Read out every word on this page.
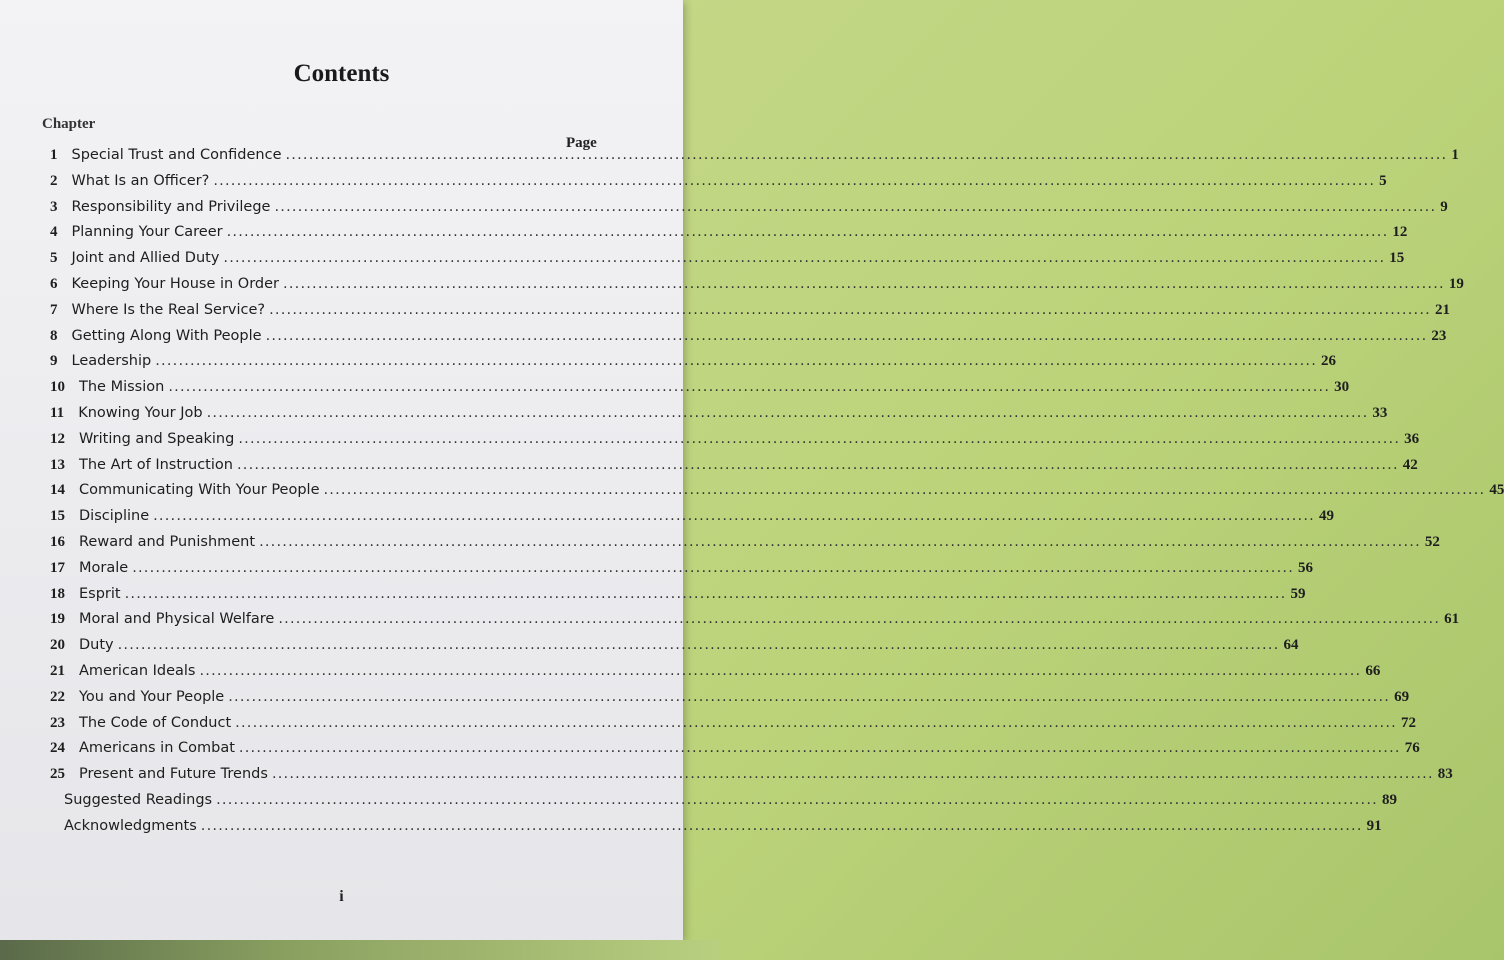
Contents
Chapter
Page
1 Special Trust and Confidence ........................................................................................................................................................................................................ 1
2 What Is an Officer? ........................................................................................................................................................................................................ 5
3 Responsibility and Privilege ........................................................................................................................................................................................................ 9
4 Planning Your Career ........................................................................................................................................................................................................ 12
5 Joint and Allied Duty ........................................................................................................................................................................................................ 15
6 Keeping Your House in Order ........................................................................................................................................................................................................ 19
7 Where Is the Real Service? ........................................................................................................................................................................................................ 21
8 Getting Along With People ........................................................................................................................................................................................................ 23
9 Leadership ........................................................................................................................................................................................................ 26
10 The Mission ........................................................................................................................................................................................................ 30
11 Knowing Your Job ........................................................................................................................................................................................................ 33
12 Writing and Speaking ........................................................................................................................................................................................................ 36
13 The Art of Instruction ........................................................................................................................................................................................................ 42
14 Communicating With Your People ........................................................................................................................................................................................................ 45
15 Discipline ........................................................................................................................................................................................................ 49
16 Reward and Punishment ........................................................................................................................................................................................................ 52
17 Morale ........................................................................................................................................................................................................ 56
18 Esprit ........................................................................................................................................................................................................ 59
19 Moral and Physical Welfare ........................................................................................................................................................................................................ 61
20 Duty ........................................................................................................................................................................................................ 64
21 American Ideals ........................................................................................................................................................................................................ 66
22 You and Your People ........................................................................................................................................................................................................ 69
23 The Code of Conduct ........................................................................................................................................................................................................ 72
24 Americans in Combat ........................................................................................................................................................................................................ 76
25 Present and Future Trends ........................................................................................................................................................................................................ 83
Suggested Readings ........................................................................................................................................................................................................ 89
Acknowledgments ........................................................................................................................................................................................................ 91
i
